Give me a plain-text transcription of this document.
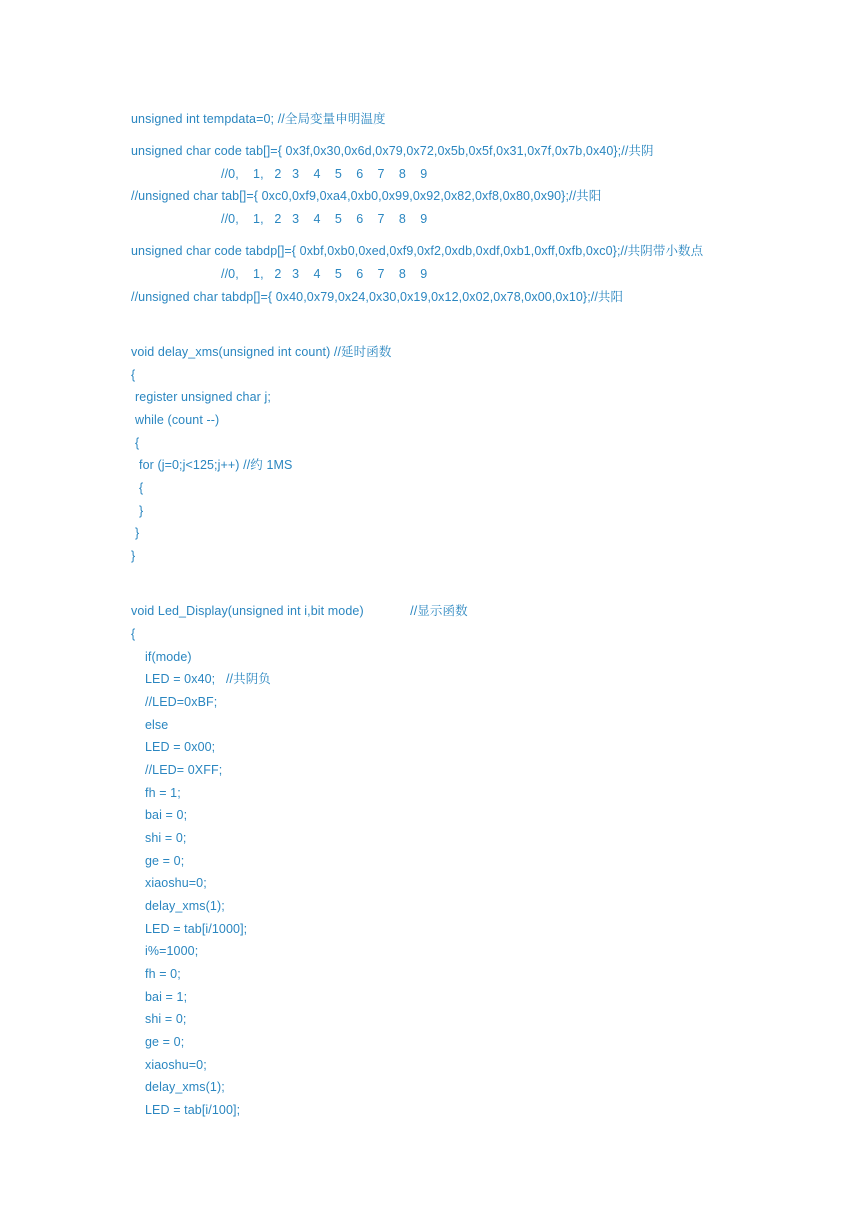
unsigned int tempdata=0; //全局变量申明温度
unsigned char code tab[]={ 0x3f,0x30,0x6d,0x79,0x72,0x5b,0x5f,0x31,0x7f,0x7b,0x40};//共阴
//0,    1,   2   3    4    5    6    7    8    9
//unsigned char tab[]={ 0xc0,0xf9,0xa4,0xb0,0x99,0x92,0x82,0xf8,0x80,0x90};//共阳
//0,    1,   2   3    4    5    6    7    8    9
unsigned char code tabdp[]={ 0xbf,0xb0,0xed,0xf9,0xf2,0xdb,0xdf,0xb1,0xff,0xfb,0xc0};//共阴带小数点
//0,    1,   2   3    4    5    6    7    8    9
//unsigned char tabdp[]={ 0x40,0x79,0x24,0x30,0x19,0x12,0x02,0x78,0x00,0x10};//共阳
void delay_xms(unsigned int count) //延时函数
{
register unsigned char j;
while (count --)
{
for (j=0;j<125;j++) //约 1MS
{
}
}
}
void Led_Display(unsigned int i,bit mode)             //显示函数
{
if(mode)
LED = 0x40;   //共阴负
//LED=0xBF;
else
LED = 0x00;
//LED= 0XFF;
fh = 1;
bai = 0;
shi = 0;
ge = 0;
xiaoshu=0;
delay_xms(1);
LED = tab[i/1000];
i%=1000;
fh = 0;
bai = 1;
shi = 0;
ge = 0;
xiaoshu=0;
delay_xms(1);
LED = tab[i/100];
